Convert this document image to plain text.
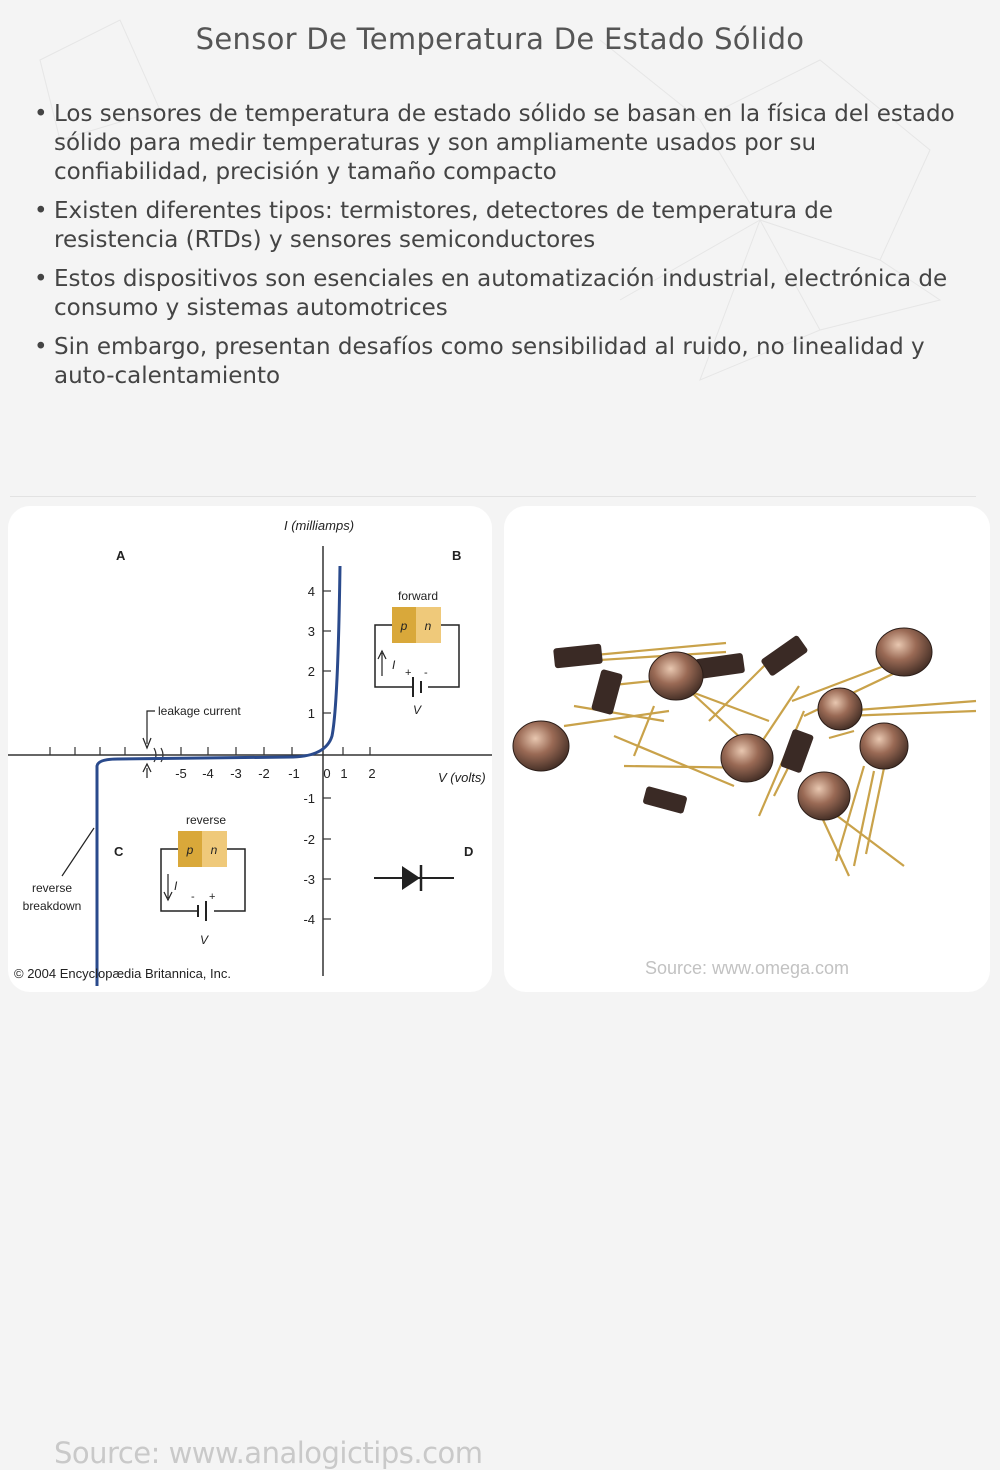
Sensor De Temperatura De Estado Sólido
• Los sensores de temperatura de estado sólido se basan en la física del estado sólido para medir temperaturas y son ampliamente usados por su confiabilidad, precisión y tamaño compacto
• Existen diferentes tipos: termistores, detectores de temperatura de resistencia (RTDs) y sensores semiconductores
• Estos dispositivos son esenciales en automatización industrial, electrónica de consumo y sistemas automotrices
• Sin embargo, presentan desafíos como sensibilidad al ruido, no linealidad y auto-calentamiento
-5 -4 -3 -2 -1 0 1 2
4
3
2
1
-1
-2
-3
-4
I (milliamps)
V (volts)
A	B
C	D
leakage current
reverse
breakdown
forward
p n
I
+ -
V
reverse
p n
I
+
-
V
Source: www.analogictips.com
© 2004 Encyclopædia Britannica, Inc.	Source: www.omega.com
